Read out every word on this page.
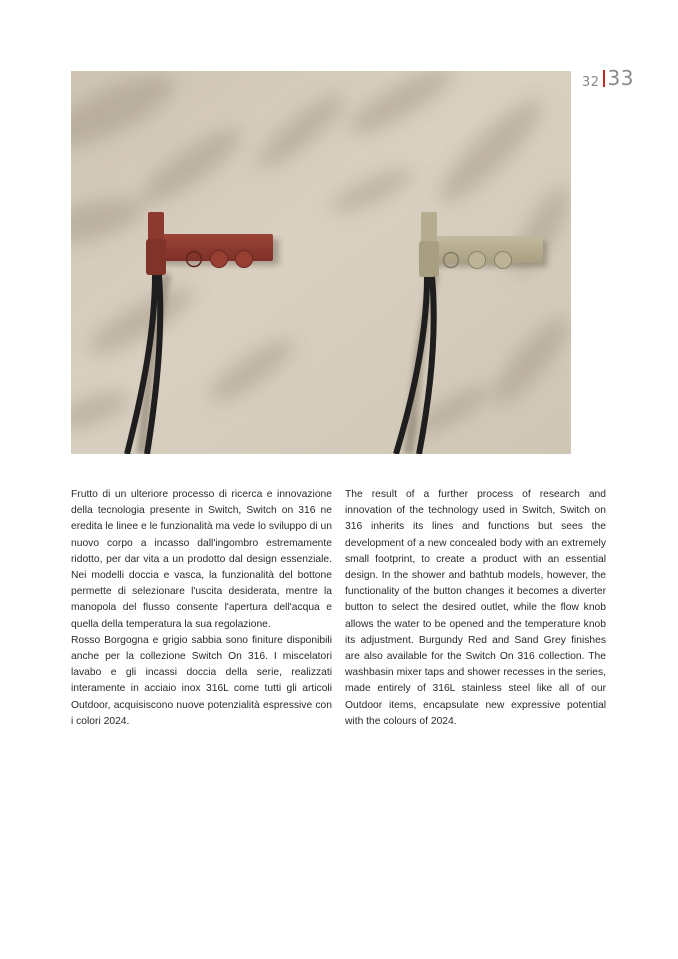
32 33

Frutto di un ulteriore processo di ricerca e innovazione della tecnologia presente in Switch, Switch on 316 ne eredita le linee e le funzionalità ma vede lo sviluppo di un nuovo corpo a incasso dall'ingombro estremamente ridotto, per dar vita a un prodotto dal design essenziale. Nei modelli doccia e vasca, la funzionalità del bottone permette di selezionare l'uscita desiderata, mentre la manopola del flusso consente l'apertura dell'acqua e quella della temperatura la sua regolazione.

Rosso Borgogna e grigio sabbia sono finiture disponibili anche per la collezione Switch On 316. I miscelatori lavabo e gli incassi doccia della serie, realizzati interamente in acciaio inox 316L come tutti gli articoli Outdoor, acquisiscono nuove potenzialità espressive con i colori 2024.

The result of a further process of research and innovation of the technology used in Switch, Switch on 316 inherits its lines and functions but sees the development of a new concealed body with an extremely small footprint, to create a product with an essential design. In the shower and bathtub models, however, the functionality of the button changes it becomes a diverter button to select the desired outlet, while the flow knob allows the water to be opened and the temperature knob its adjustment. Burgundy Red and Sand Grey finishes are also available for the Switch On 316 collection. The washbasin mixer taps and shower recesses in the series, made entirely of 316L stainless steel like all of our Outdoor items, encapsulate new expressive potential with the colours of 2024.
